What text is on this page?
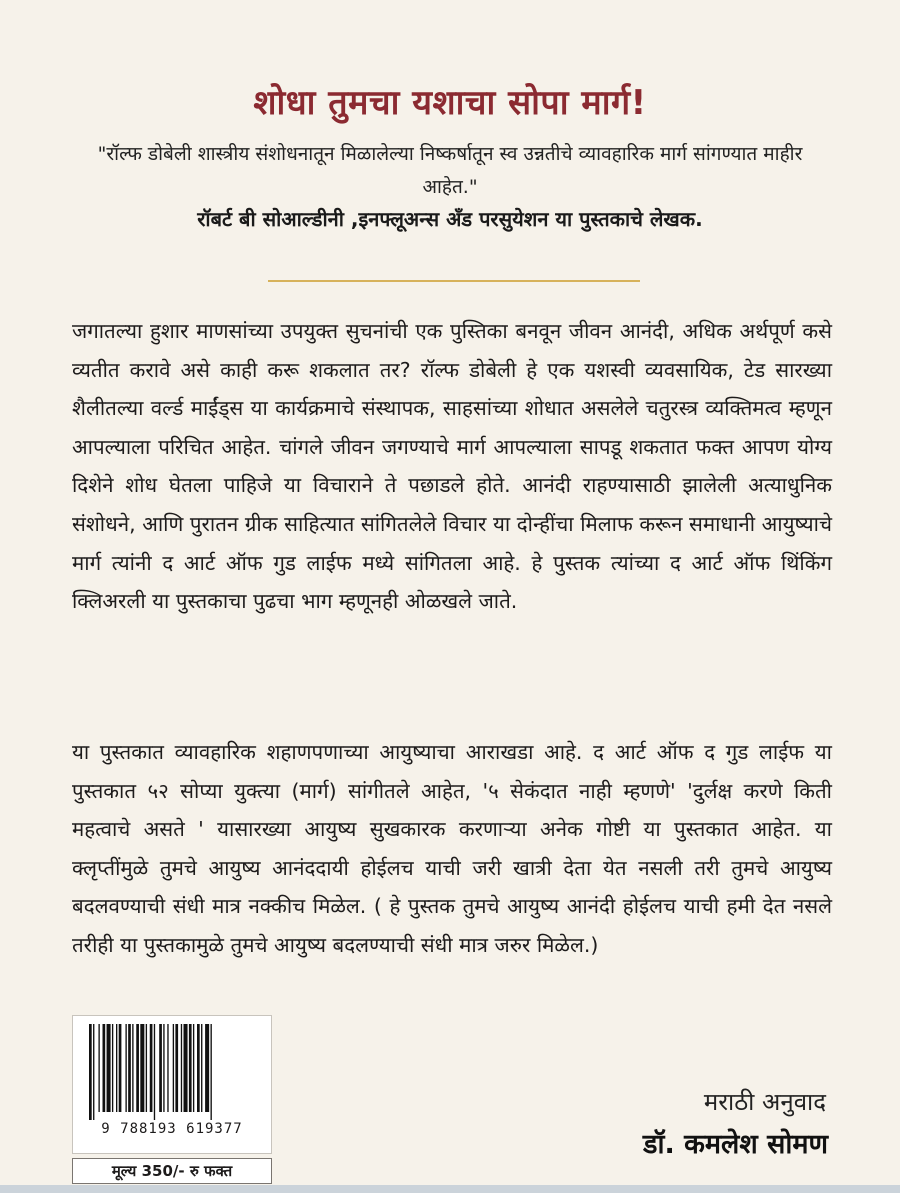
शोधा तुमचा यशाचा सोपा मार्ग!
"रॉल्फ डोबेली शास्त्रीय संशोधनातून मिळालेल्या निष्कर्षातून स्व उन्नतीचे व्यावहारिक मार्ग सांगण्यात माहीर आहेत."
रॉबर्ट बी सोआल्डीनी ,इनफ्लूअन्स अँड परसुयेशन या पुस्तकाचे लेखक.
जगातल्या हुशार माणसांच्या उपयुक्त सुचनांची एक पुस्तिका बनवून जीवन आनंदी, अधिक अर्थपूर्ण कसे व्यतीत करावे असे काही करू शकलात तर? रॉल्फ डोबेली हे एक यशस्वी व्यवसायिक, टेड सारख्या शैलीतल्या वर्ल्ड माईंड्स या कार्यक्रमाचे संस्थापक, साहसांच्या शोधात असलेले चतुरस्त्र व्यक्तिमत्व म्हणून आपल्याला परिचित आहेत. चांगले जीवन जगण्याचे मार्ग आपल्याला सापडू शकतात फक्त आपण योग्य दिशेने शोध घेतला पाहिजे या विचाराने ते पछाडले होते. आनंदी राहण्यासाठी झालेली अत्याधुनिक संशोधने, आणि पुरातन ग्रीक साहित्यात सांगितलेले विचार या दोन्हींचा मिलाफ करून समाधानी आयुष्याचे मार्ग त्यांनी द आर्ट ऑफ गुड लाईफ मध्ये सांगितला आहे. हे पुस्तक त्यांच्या द आर्ट ऑफ थिंकिंग क्लिअरली या पुस्तकाचा पुढचा भाग म्हणूनही ओळखले जाते.
या पुस्तकात व्यावहारिक शहाणपणाच्या आयुष्याचा आराखडा आहे. द आर्ट ऑफ द गुड लाईफ या पुस्तकात ५२ सोप्या युक्त्या (मार्ग) सांगीतले आहेत, '५ सेकंदात नाही म्हणणे' 'दुर्लक्ष करणे किती महत्वाचे असते ' यासारख्या आयुष्य सुखकारक करणाऱ्या अनेक गोष्टी या पुस्तकात आहेत. या क्लृप्तींमुळे तुमचे आयुष्य आनंददायी होईलच याची जरी खात्री देता येत नसली तरी तुमचे आयुष्य बदलवण्याची संधी मात्र नक्कीच मिळेल. ( हे पुस्तक तुमचे आयुष्य आनंदी होईलच याची हमी देत नसले तरीही या पुस्तकामुळे तुमचे आयुष्य बदलण्याची संधी मात्र जरुर मिळेल.)
9 788193 619377
मूल्य 350/- रु फक्त
मराठी अनुवाद
डॉ. कमलेश सोमण
